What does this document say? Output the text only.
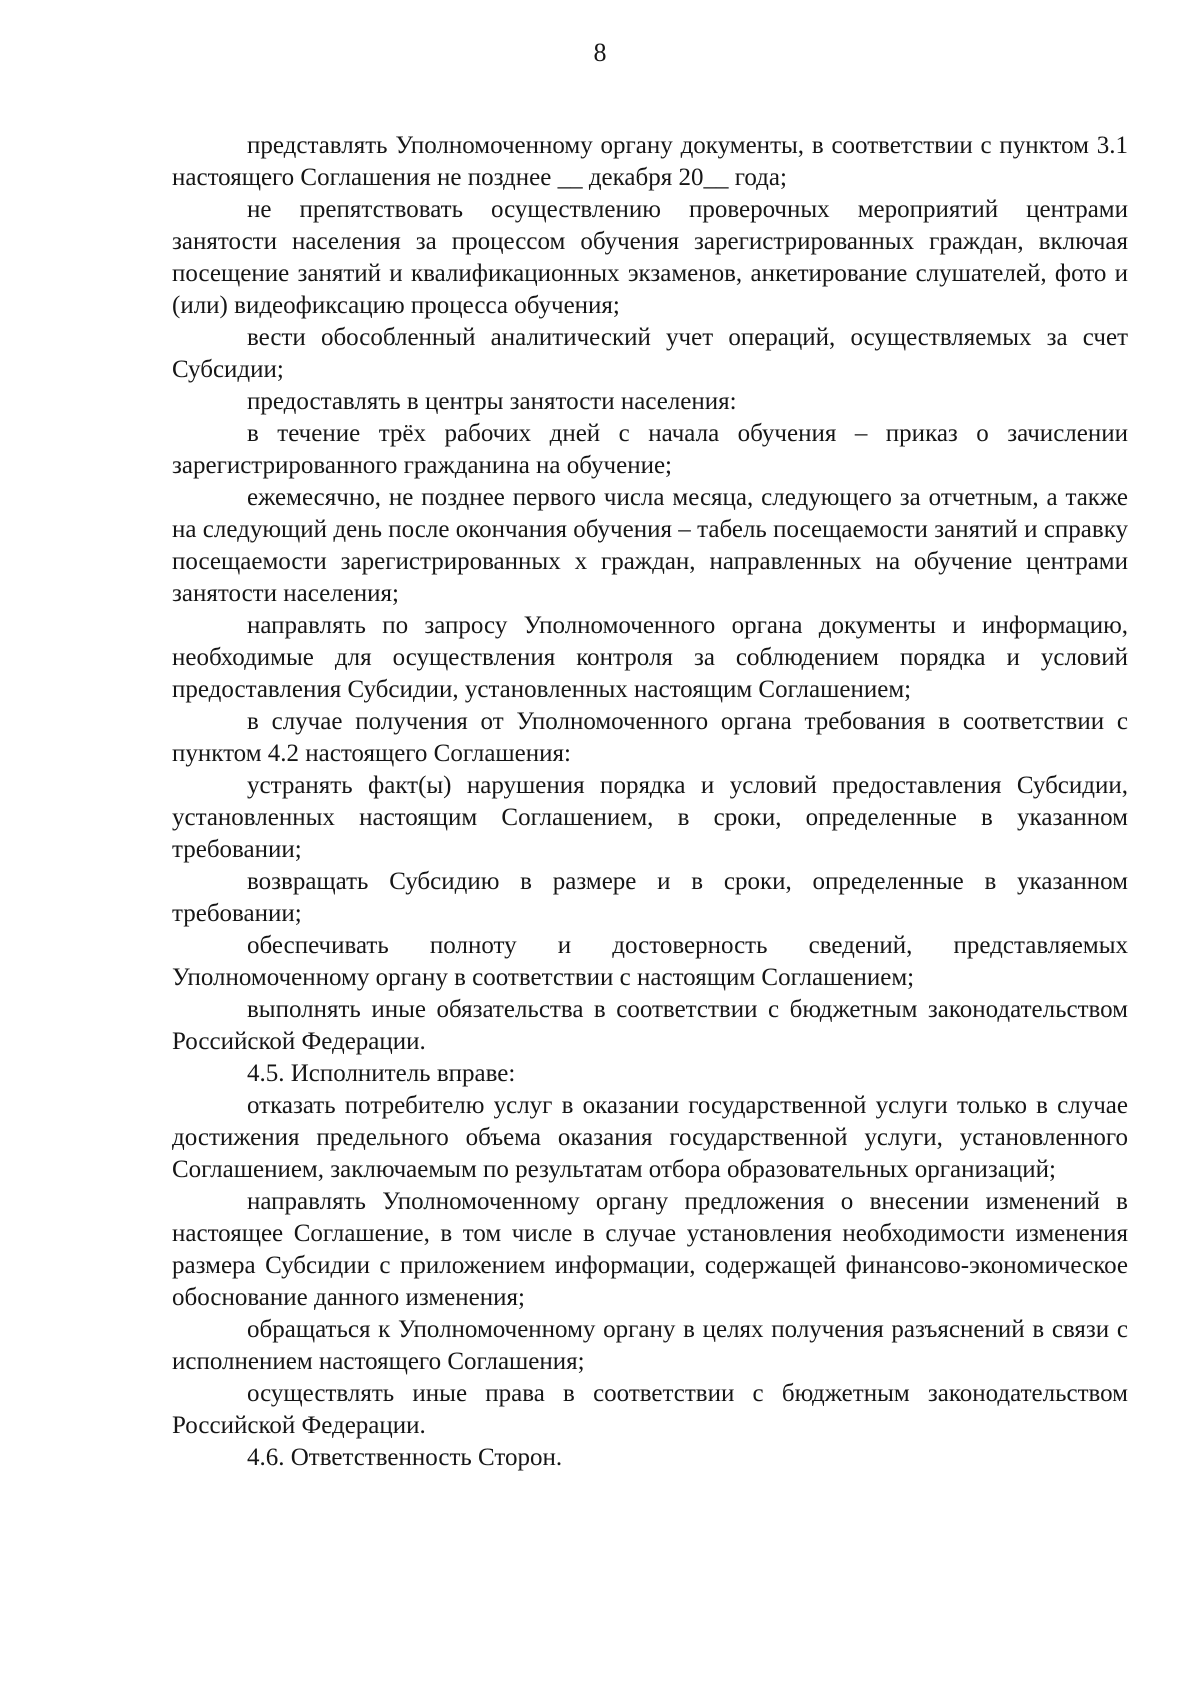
8

представлять Уполномоченному органу документы, в соответствии с пунктом 3.1 настоящего Соглашения не позднее __ декабря 20__ года;

не препятствовать осуществлению проверочных мероприятий центрами занятости населения за процессом обучения зарегистрированных граждан, включая посещение занятий и квалификационных экзаменов, анкетирование слушателей, фото и (или) видеофиксацию процесса обучения;

вести обособленный аналитический учет операций, осуществляемых за счет Субсидии;

предоставлять в центры занятости населения:

в течение трёх рабочих дней с начала обучения – приказ о зачислении зарегистрированного гражданина на обучение;

ежемесячно, не позднее первого числа месяца, следующего за отчетным, а также на следующий день после окончания обучения – табель посещаемости занятий и справку посещаемости зарегистрированных х граждан, направленных на обучение центрами занятости населения;

направлять по запросу Уполномоченного органа документы и информацию, необходимые для осуществления контроля за соблюдением порядка и условий предоставления Субсидии, установленных настоящим Соглашением;

в случае получения от Уполномоченного органа требования в соответствии с пунктом 4.2 настоящего Соглашения:

устранять факт(ы) нарушения порядка и условий предоставления Субсидии, установленных настоящим Соглашением, в сроки, определенные в указанном требовании;

возвращать Субсидию в размере и в сроки, определенные в указанном требовании;

обеспечивать полноту и достоверность сведений, представляемых Уполномоченному органу в соответствии с настоящим Соглашением;

выполнять иные обязательства в соответствии с бюджетным законодательством Российской Федерации.

4.5. Исполнитель вправе:

отказать потребителю услуг в оказании государственной услуги только в случае достижения предельного объема оказания государственной услуги, установленного Соглашением, заключаемым по результатам отбора образовательных организаций;

направлять Уполномоченному органу предложения о внесении изменений в настоящее Соглашение, в том числе в случае установления необходимости изменения размера Субсидии с приложением информации, содержащей финансово-экономическое обоснование данного изменения;

обращаться к Уполномоченному органу в целях получения разъяснений в связи с исполнением настоящего Соглашения;

осуществлять иные права в соответствии с бюджетным законодательством Российской Федерации.

4.6. Ответственность Сторон.
